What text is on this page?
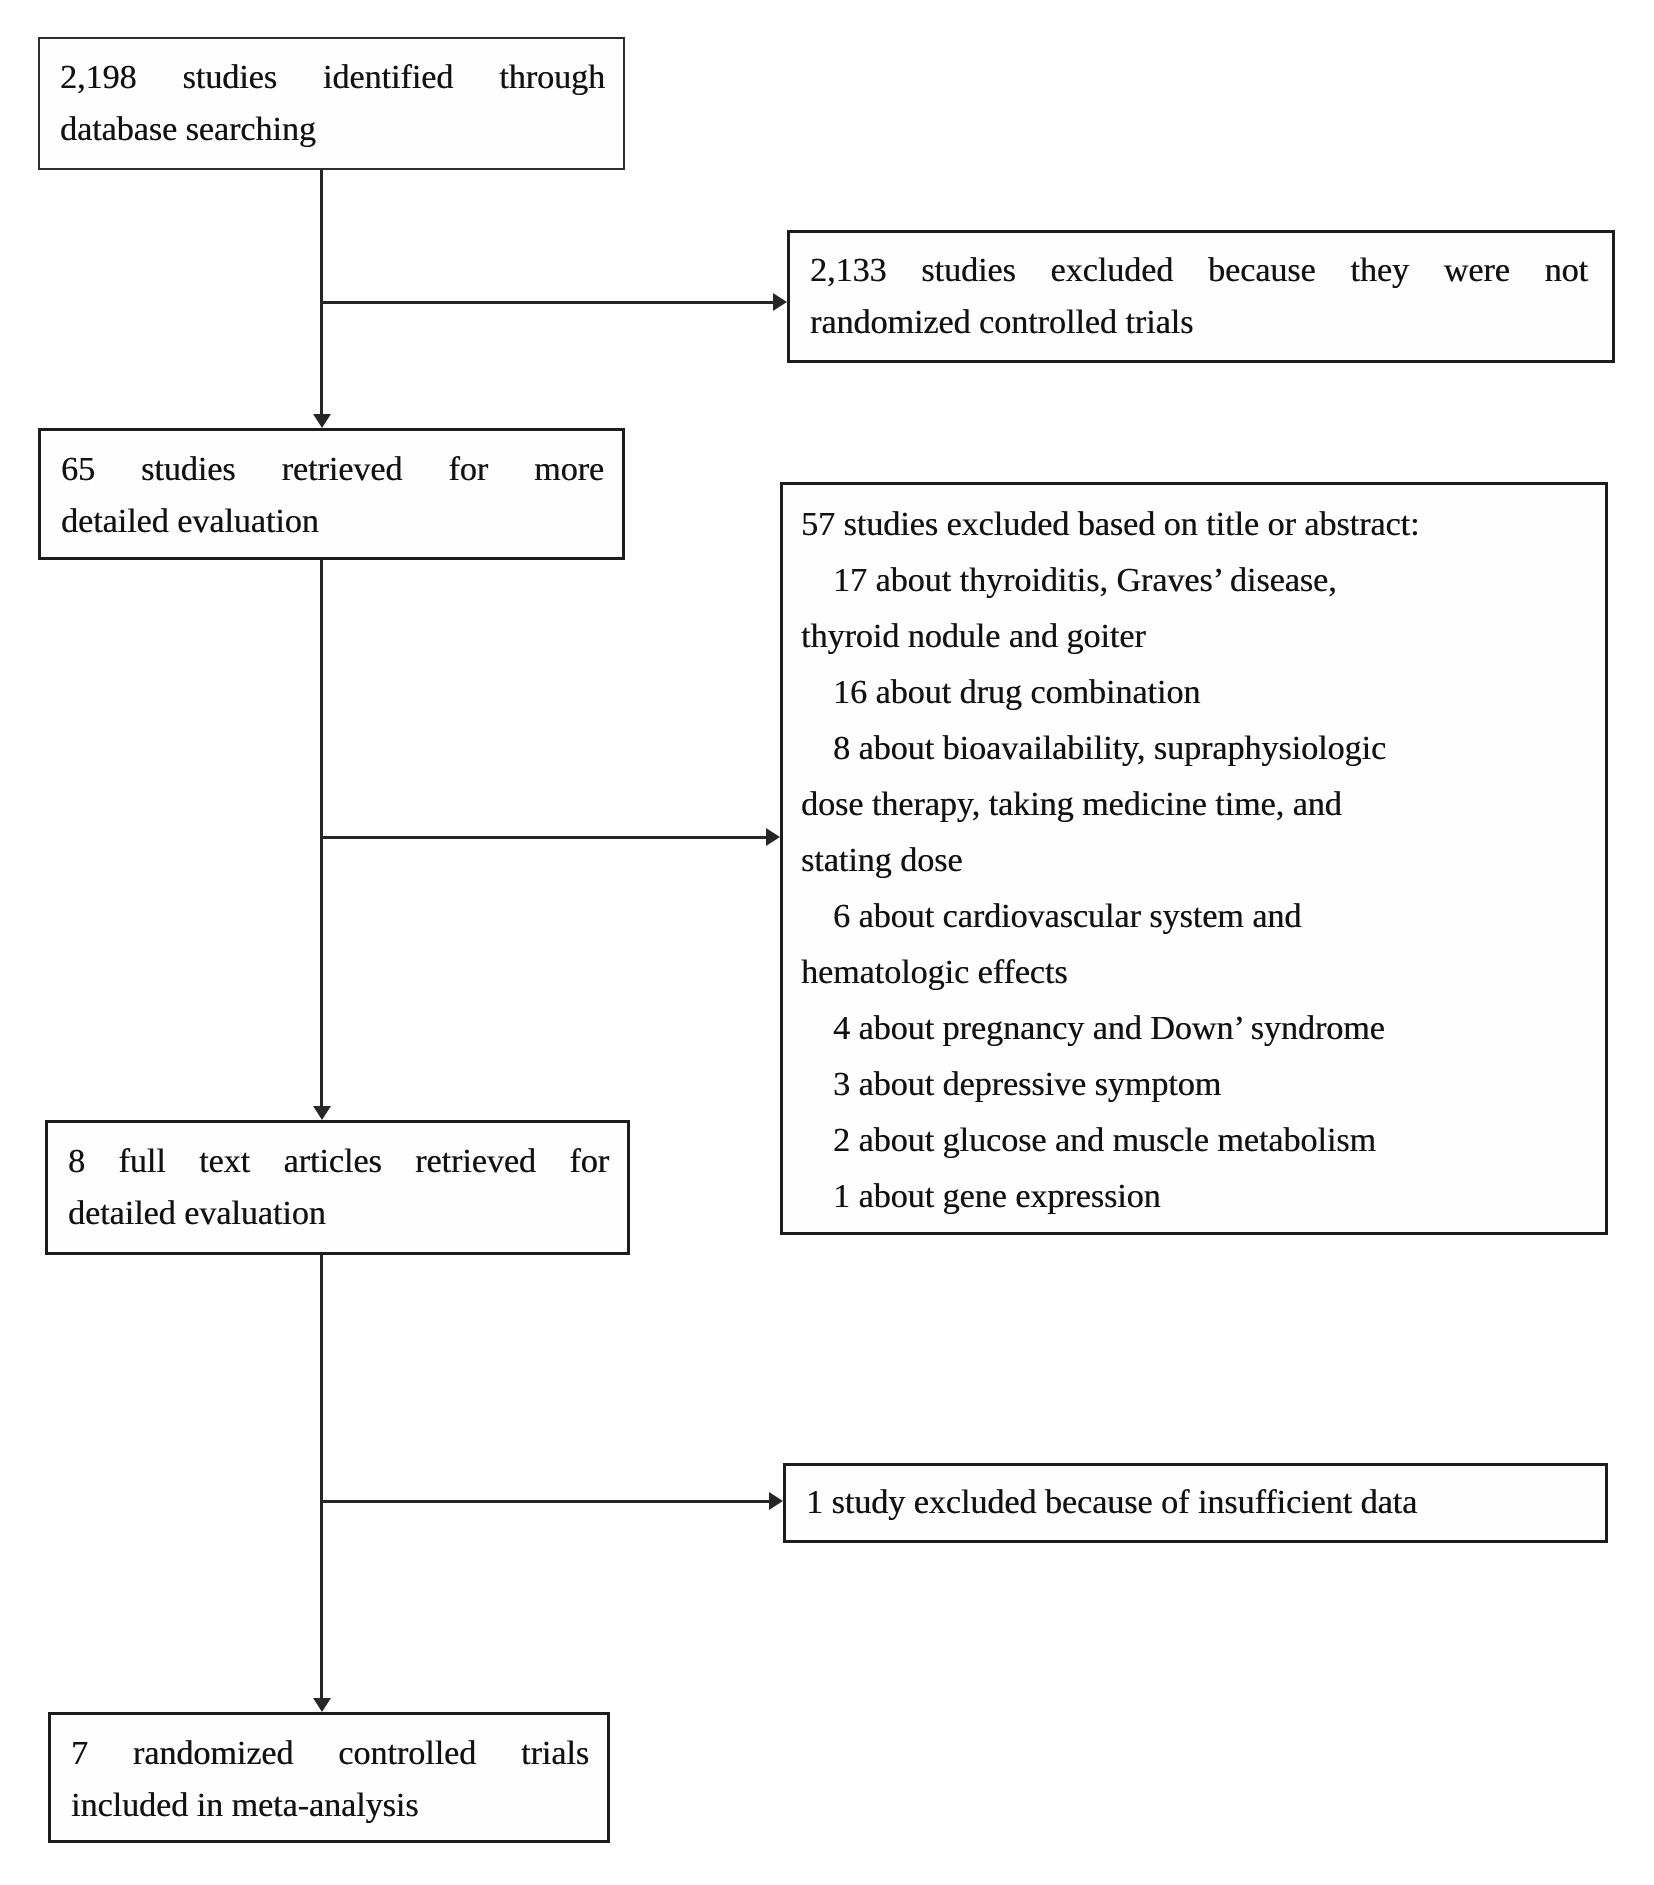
2,198 studies identified through
database searching
2,133 studies excluded because they were not
randomized controlled trials
65 studies retrieved for more
detailed evaluation	57 studies excluded based on title or abstract:
17 about thyroiditis, Graves’ disease,
thyroid nodule and goiter
16 about drug combination
8 about bioavailability, supraphysiologic
dose therapy, taking medicine time, and
stating dose
6 about cardiovascular system and
hematologic effects
4 about pregnancy and Down’ syndrome
3 about depressive symptom
2 about glucose and muscle metabolism
1 about gene expression
8 full text articles retrieved for
detailed evaluation
1 study excluded because of insufficient data
7 randomized controlled trials
included in meta-analysis
